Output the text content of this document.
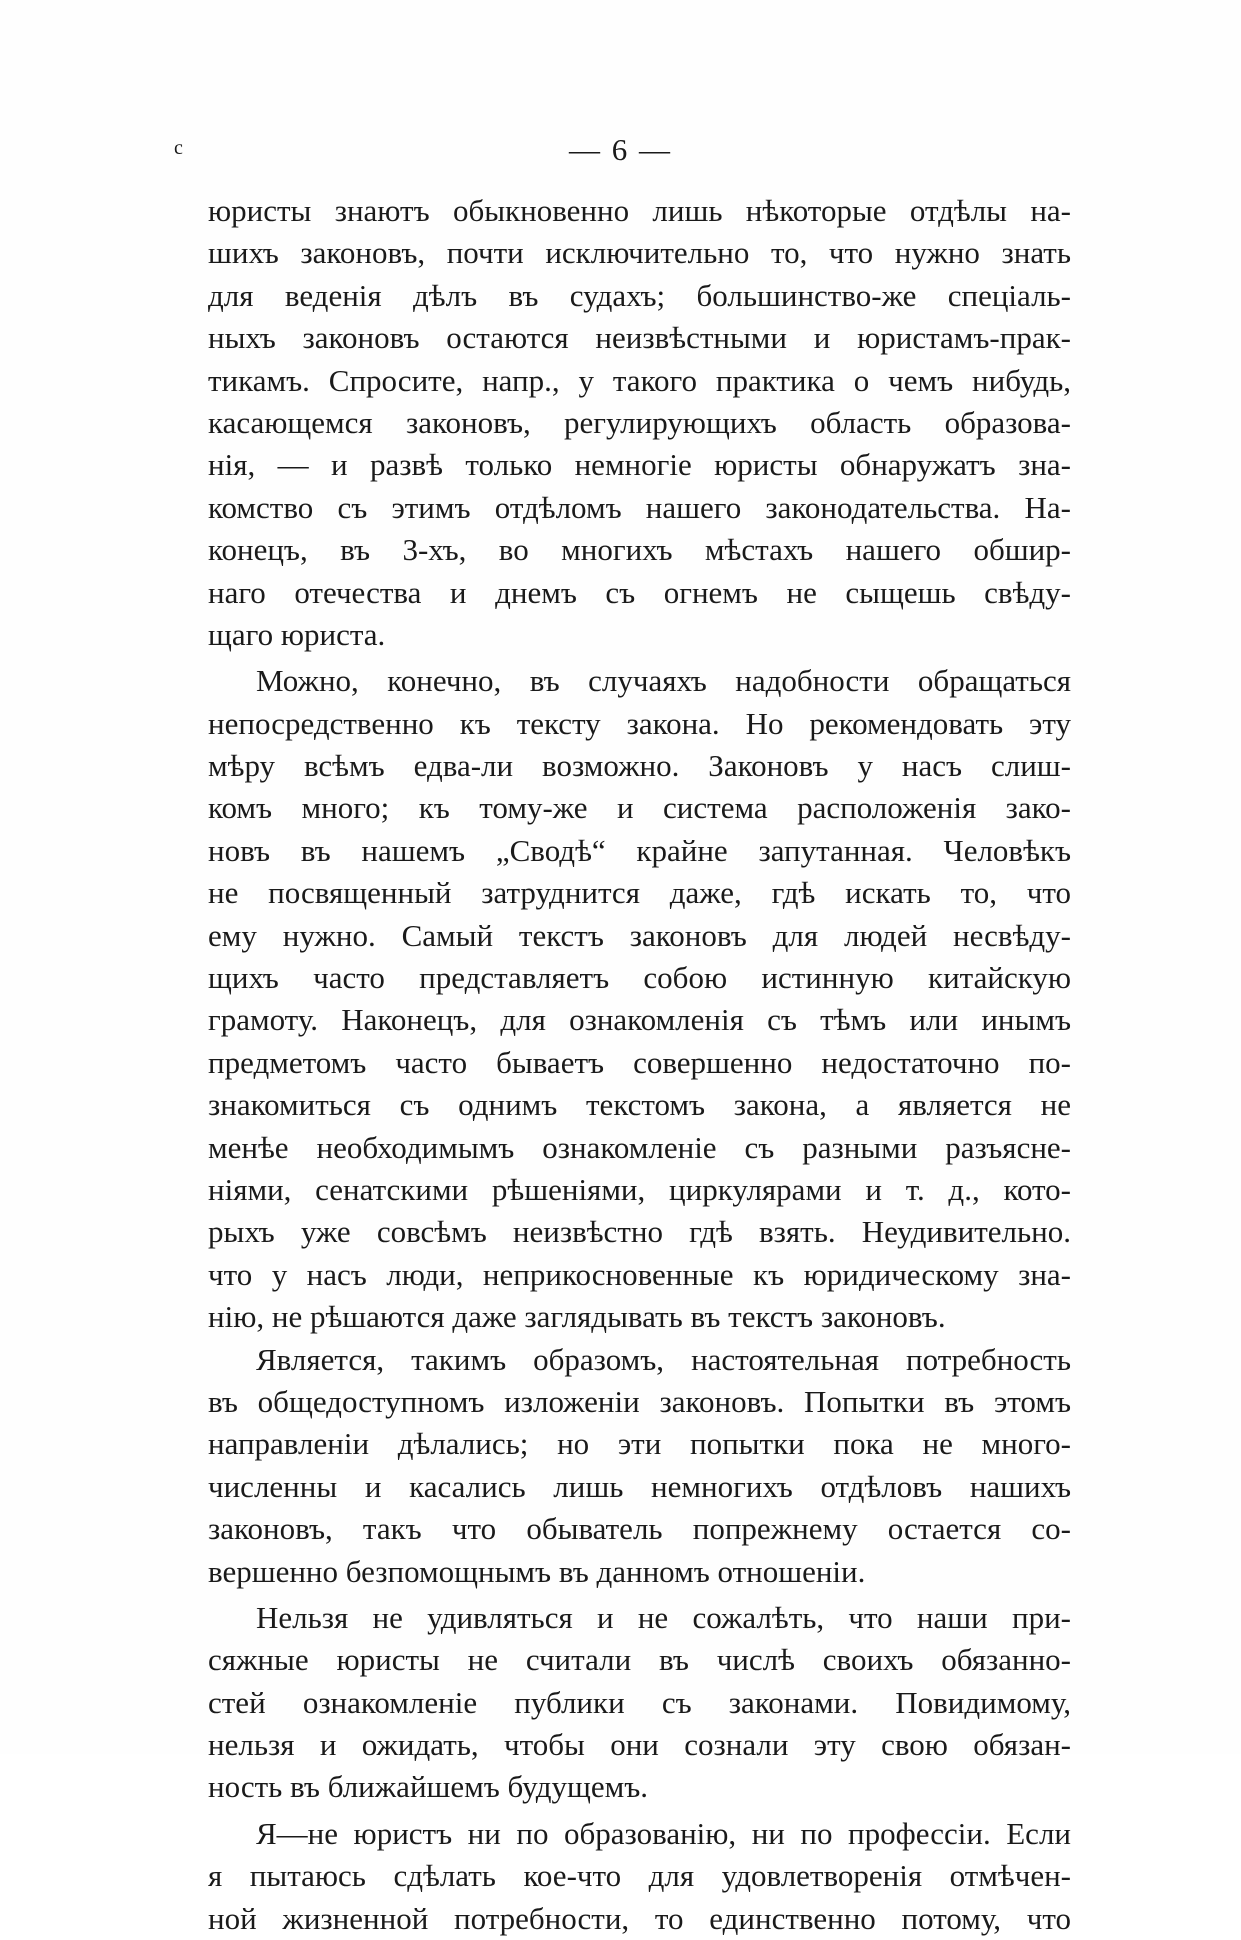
c	— 6 —
юристы знаютъ обыкновенно лишь нѣкоторые отдѣлы на-
шихъ законовъ, почти исключительно то, что нужно знать
для веденія дѣлъ въ судахъ; большинство-же спеціаль-
ныхъ законовъ остаются неизвѣстными и юристамъ-прак-
тикамъ. Спросите, напр., у такого практика о чемъ нибудь,
касающемся законовъ, регулирующихъ область образова-
нія, — и развѣ только немногіе юристы обнаружатъ зна-
комство съ этимъ отдѣломъ нашего законодательства. На-
конецъ, въ 3-хъ, во многихъ мѣстахъ нашего обшир-
наго отечества и днемъ съ огнемъ не сыщешь свѣду-
щаго юриста.
Можно, конечно, въ случаяхъ надобности обращаться
непосредственно къ тексту закона. Но рекомендовать эту
мѣру всѣмъ едва-ли возможно. Законовъ у насъ слиш-
комъ много; къ тому-же и система расположенія зако-
новъ въ нашемъ „Сводѣ“ крайне запутанная. Человѣкъ
не посвященный затруднится даже, гдѣ искать то, что
ему нужно. Самый текстъ законовъ для людей несвѣду-
щихъ часто представляетъ собою истинную китайскую
грамоту. Наконецъ, для ознакомленія съ тѣмъ или инымъ
предметомъ часто бываетъ совершенно недостаточно по-
знакомиться съ однимъ текстомъ закона, а является не
менѣе необходимымъ ознакомленіе съ разными разъясне-
ніями, сенатскими рѣшеніями, циркулярами и т. д., кото-
рыхъ уже совсѣмъ неизвѣстно гдѣ взять. Неудивительно.
что у насъ люди, неприкосновенные къ юридическому зна-
нію, не рѣшаются даже заглядывать въ текстъ законовъ.
Является, такимъ образомъ, настоятельная потребность
въ общедоступномъ изложеніи законовъ. Попытки въ этомъ
направленіи дѣлались; но эти попытки пока не много-
численны и касались лишь немногихъ отдѣловъ нашихъ
законовъ, такъ что обыватель попрежнему остается со-
вершенно безпомощнымъ въ данномъ отношеніи.
Нельзя не удивляться и не сожалѣть, что наши при-
сяжные юристы не считали въ числѣ своихъ обязанно-
стей ознакомленіе публики съ законами. Повидимому,
нельзя и ожидать, чтобы они сознали эту свою обязан-
ность въ ближайшемъ будущемъ.
Я—не юристъ ни по образованію, ни по профессіи. Если
я пытаюсь сдѣлать кое-что для удовлетворенія отмѣчен-
ной жизненной потребности, то единственно потому, что
